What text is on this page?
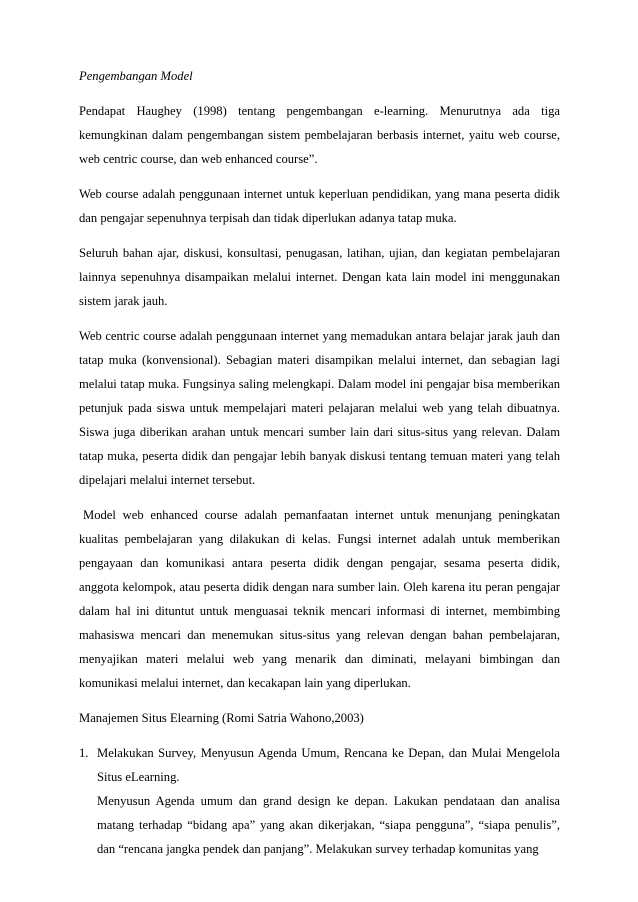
Pengembangan Model

Pendapat Haughey (1998) tentang pengembangan e-learning. Menurutnya ada tiga kemungkinan dalam pengembangan sistem pembelajaran berbasis internet, yaitu web course, web centric course, dan web enhanced course”.

Web course adalah penggunaan internet untuk keperluan pendidikan, yang mana peserta didik dan pengajar sepenuhnya terpisah dan tidak diperlukan adanya tatap muka.

Seluruh bahan ajar, diskusi, konsultasi, penugasan, latihan, ujian, dan kegiatan pembelajaran lainnya sepenuhnya disampaikan melalui internet. Dengan kata lain model ini menggunakan sistem jarak jauh.

Web centric course adalah penggunaan internet yang memadukan antara belajar jarak jauh dan tatap muka (konvensional). Sebagian materi disampikan melalui internet, dan sebagian lagi melalui tatap muka. Fungsinya saling melengkapi. Dalam model ini pengajar bisa memberikan petunjuk pada siswa untuk mempelajari materi pelajaran melalui web yang telah dibuatnya. Siswa juga diberikan arahan untuk mencari sumber lain dari situs-situs yang relevan. Dalam tatap muka, peserta didik dan pengajar lebih banyak diskusi tentang temuan materi yang telah dipelajari melalui internet tersebut.

Model web enhanced course adalah pemanfaatan internet untuk menunjang peningkatan kualitas pembelajaran yang dilakukan di kelas. Fungsi internet adalah untuk memberikan pengayaan dan komunikasi antara peserta didik dengan pengajar, sesama peserta didik, anggota kelompok, atau peserta didik dengan nara sumber lain. Oleh karena itu peran pengajar dalam hal ini dituntut untuk menguasai teknik mencari informasi di internet, membimbing mahasiswa mencari dan menemukan situs-situs yang relevan dengan bahan pembelajaran, menyajikan materi melalui web yang menarik dan diminati, melayani bimbingan dan komunikasi melalui internet, dan kecakapan lain yang diperlukan.

Manajemen Situs Elearning (Romi Satria Wahono,2003)
1. Melakukan Survey, Menyusun Agenda Umum, Rencana ke Depan, dan Mulai Mengelola Situs eLearning.

Menyusun Agenda umum dan grand design ke depan. Lakukan pendataan dan analisa matang terhadap “bidang apa” yang akan dikerjakan, “siapa pengguna”, “siapa penulis”, dan “rencana jangka pendek dan panjang”. Melakukan survey terhadap komunitas yang
